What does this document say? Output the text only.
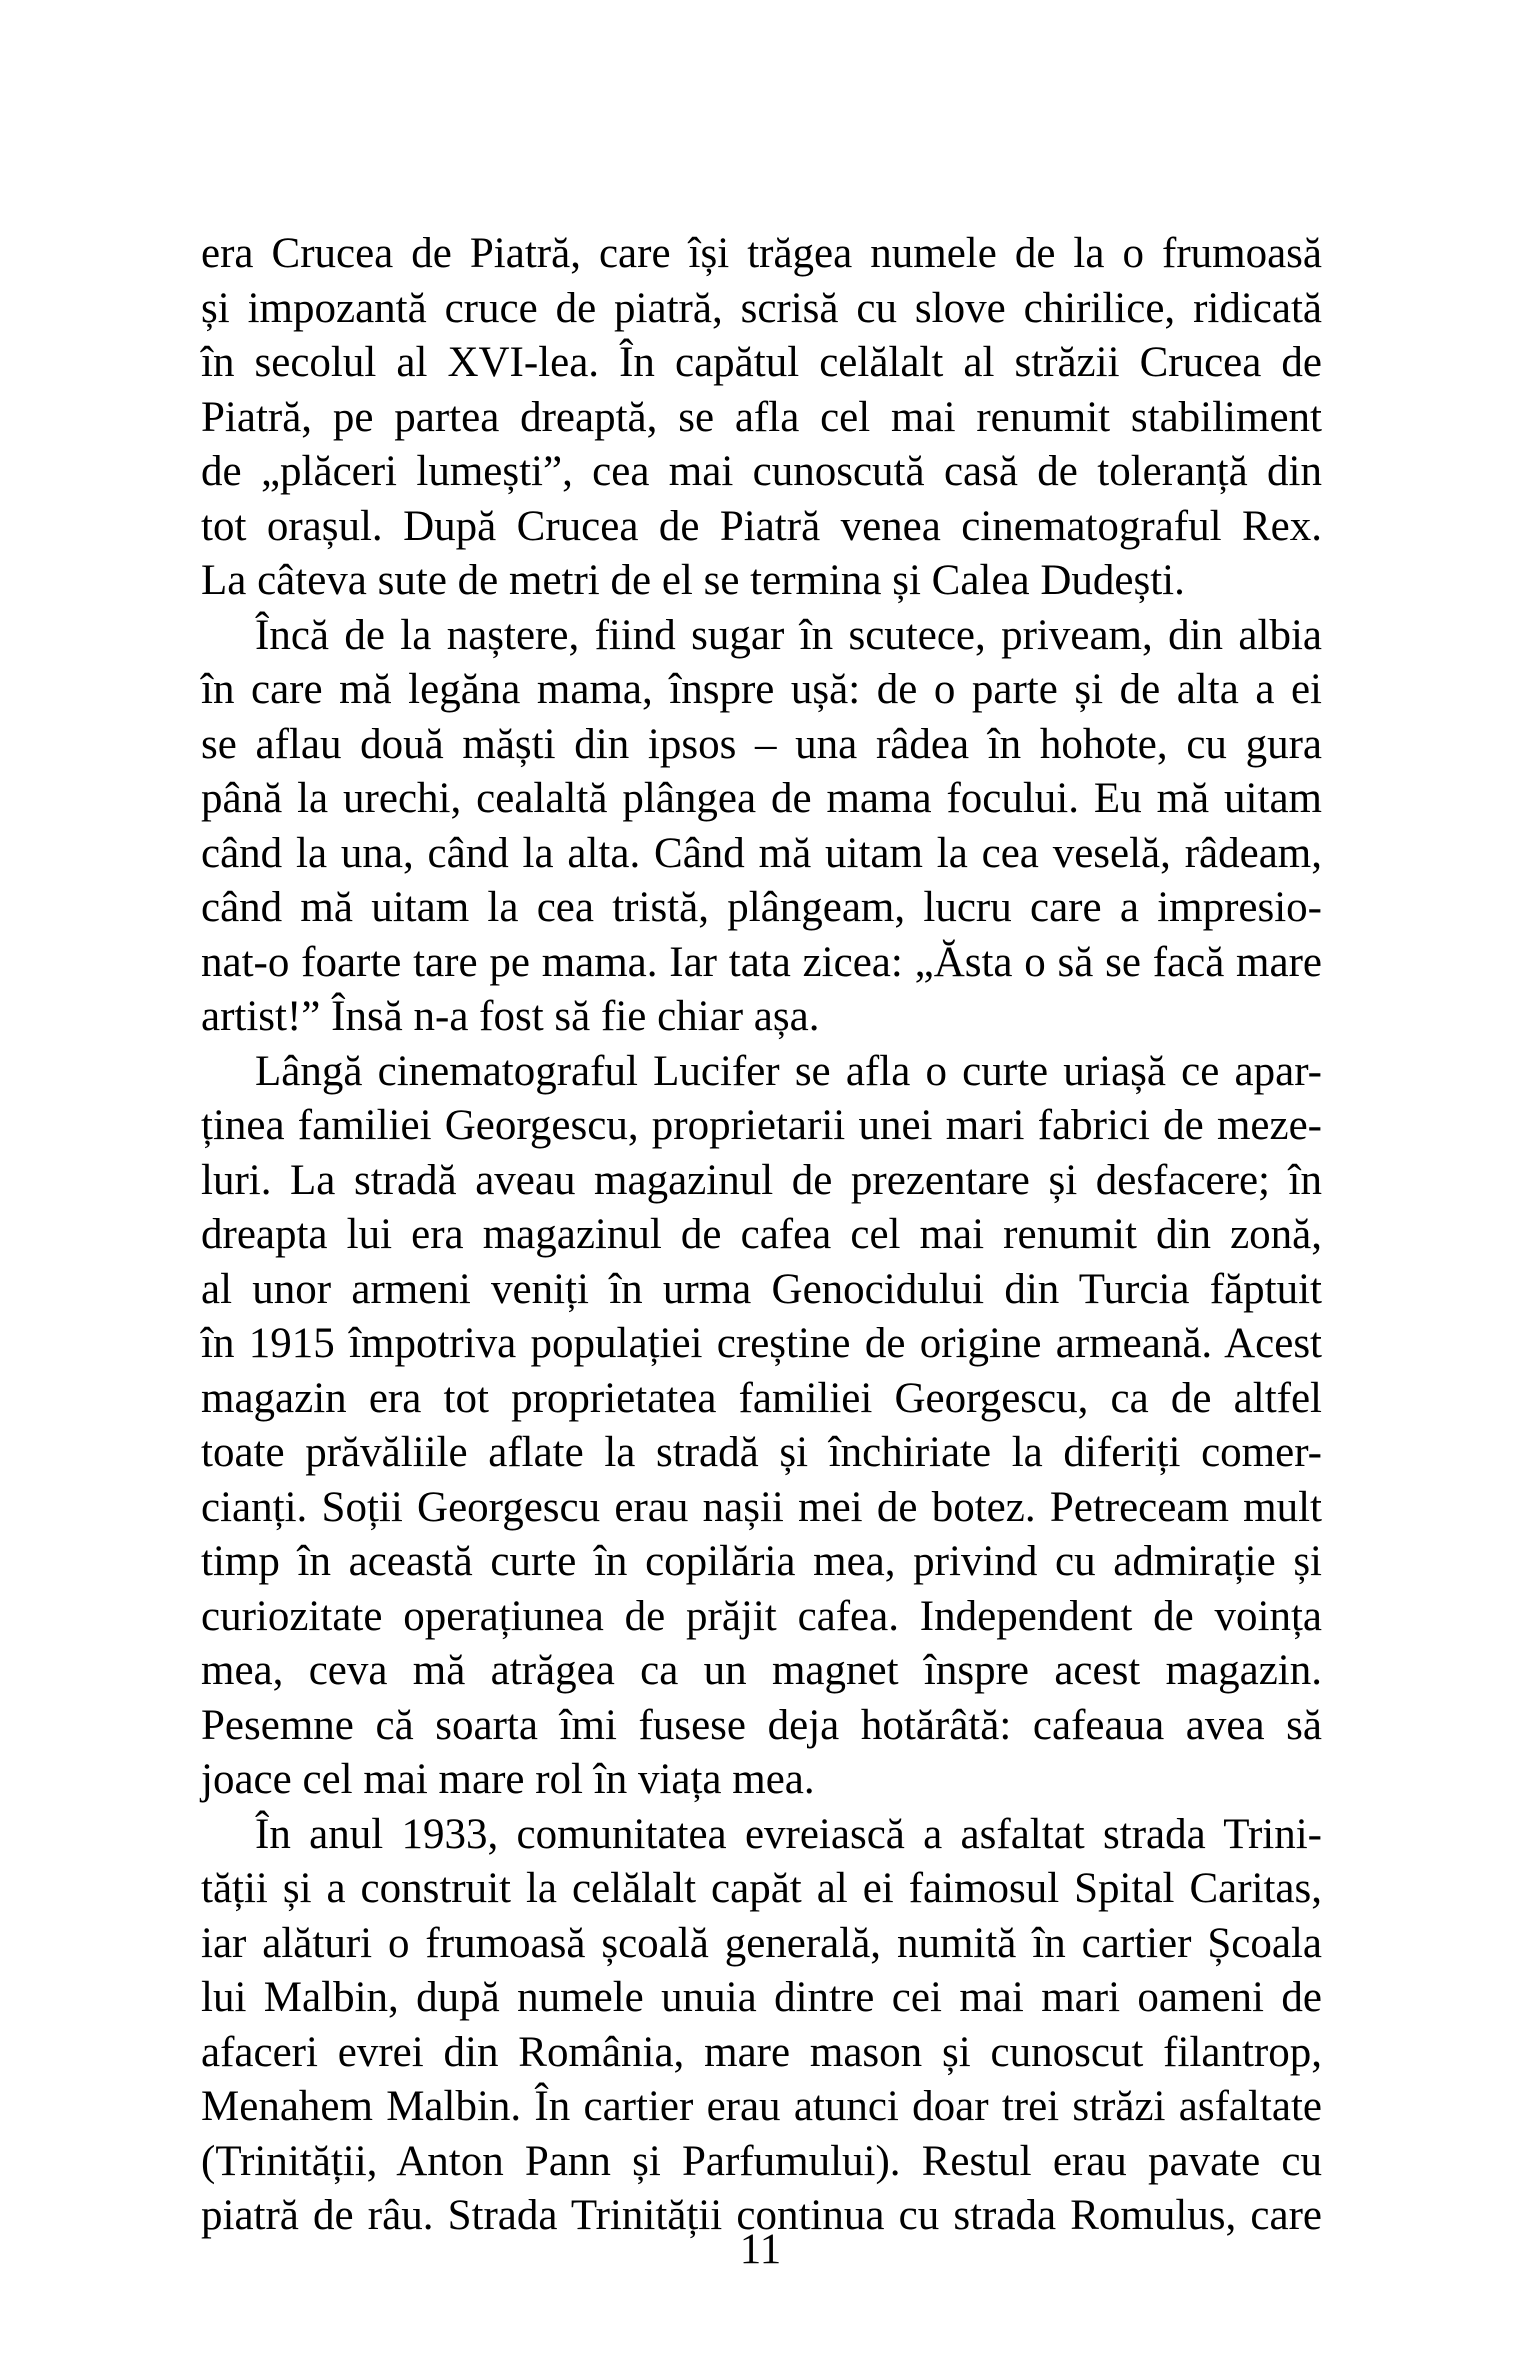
era Crucea de Piatră, care își trăgea numele de la o frumoasă
și impozantă cruce de piatră, scrisă cu slove chirilice, ridicată
în secolul al XVI-lea. În capătul celălalt al străzii Crucea de
Piatră, pe partea dreaptă, se afla cel mai renumit stabiliment
de „plăceri lumești”, cea mai cunoscută casă de toleranță din
tot orașul. După Crucea de Piatră venea cinematograful Rex.
La câteva sute de metri de el se termina și Calea Dudești.
Încă de la naștere, fiind sugar în scutece, priveam, din albia
în care mă legăna mama, înspre ușă: de o parte și de alta a ei
se aflau două măști din ipsos – una râdea în hohote, cu gura
până la urechi, cealaltă plângea de mama focului. Eu mă uitam
când la una, când la alta. Când mă uitam la cea veselă, râdeam,
când mă uitam la cea tristă, plângeam, lucru care a impresio-
nat-o foarte tare pe mama. Iar tata zicea: „Ăsta o să se facă mare
artist!” Însă n-a fost să fie chiar așa.
Lângă cinematograful Lucifer se afla o curte uriașă ce apar-
ținea familiei Georgescu, proprietarii unei mari fabrici de meze-
luri. La stradă aveau magazinul de prezentare și desfacere; în
dreapta lui era magazinul de cafea cel mai renumit din zonă,
al unor armeni veniți în urma Genocidului din Turcia făptuit
în 1915 împotriva populației creștine de origine armeană. Acest
magazin era tot proprietatea familiei Georgescu, ca de altfel
toate prăvăliile aflate la stradă și închiriate la diferiți comer-
cianți. Soții Georgescu erau nașii mei de botez. Petreceam mult
timp în această curte în copilăria mea, privind cu admirație și
curiozitate operațiunea de prăjit cafea. Independent de voința
mea, ceva mă atrăgea ca un magnet înspre acest magazin.
Pesemne că soarta îmi fusese deja hotărâtă: cafeaua avea să
joace cel mai mare rol în viața mea.
În anul 1933, comunitatea evreiască a asfaltat strada Trini-
tății și a construit la celălalt capăt al ei faimosul Spital Caritas,
iar alături o frumoasă școală generală, numită în cartier Școala
lui Malbin, după numele unuia dintre cei mai mari oameni de
afaceri evrei din România, mare mason și cunoscut filantrop,
Menahem Malbin. În cartier erau atunci doar trei străzi asfaltate
(Trinității, Anton Pann și Parfumului). Restul erau pavate cu
piatră de râu. Strada Trinității continua cu strada Romulus, care
11
